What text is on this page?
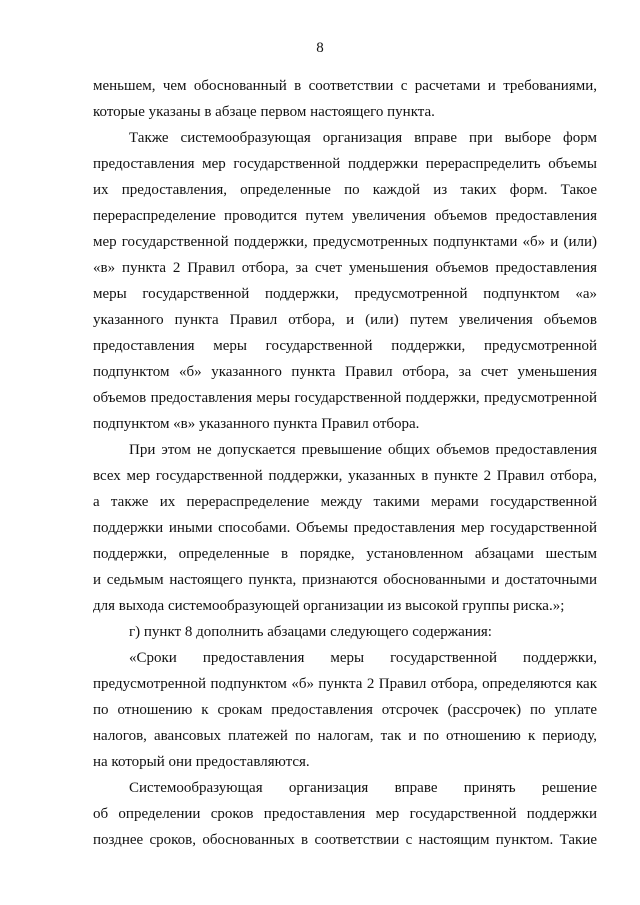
8
меньшем, чем обоснованный в соответствии с расчетами и требованиями,
которые указаны в абзаце первом настоящего пункта.
Также системообразующая организация вправе при выборе форм
предоставления мер государственной поддержки перераспределить объемы
их предоставления, определенные по каждой из таких форм. Такое
перераспределение проводится путем увеличения объемов предоставления
мер государственной поддержки, предусмотренных подпунктами «б» и (или)
«в» пункта 2 Правил отбора, за счет уменьшения объемов предоставления
меры государственной поддержки, предусмотренной подпунктом «а»
указанного пункта Правил отбора, и (или) путем увеличения объемов
предоставления меры государственной поддержки, предусмотренной
подпунктом «б» указанного пункта Правил отбора, за счет уменьшения
объемов предоставления меры государственной поддержки, предусмотренной
подпунктом «в» указанного пункта Правил отбора.
При этом не допускается превышение общих объемов предоставления
всех мер государственной поддержки, указанных в пункте 2 Правил отбора,
а также их перераспределение между такими мерами государственной
поддержки иными способами. Объемы предоставления мер государственной
поддержки, определенные в порядке, установленном абзацами шестым
и седьмым настоящего пункта, признаются обоснованными и достаточными
для выхода системообразующей организации из высокой группы риска.»;
г) пункт 8 дополнить абзацами следующего содержания:
«Сроки предоставления меры государственной поддержки,
предусмотренной подпунктом «б» пункта 2 Правил отбора, определяются как
по отношению к срокам предоставления отсрочек (рассрочек) по уплате
налогов, авансовых платежей по налогам, так и по отношению к периоду,
на который они предоставляются.
Системообразующая организация вправе принять решение
об определении сроков предоставления мер государственной поддержки
позднее сроков, обоснованных в соответствии с настоящим пунктом. Такие
